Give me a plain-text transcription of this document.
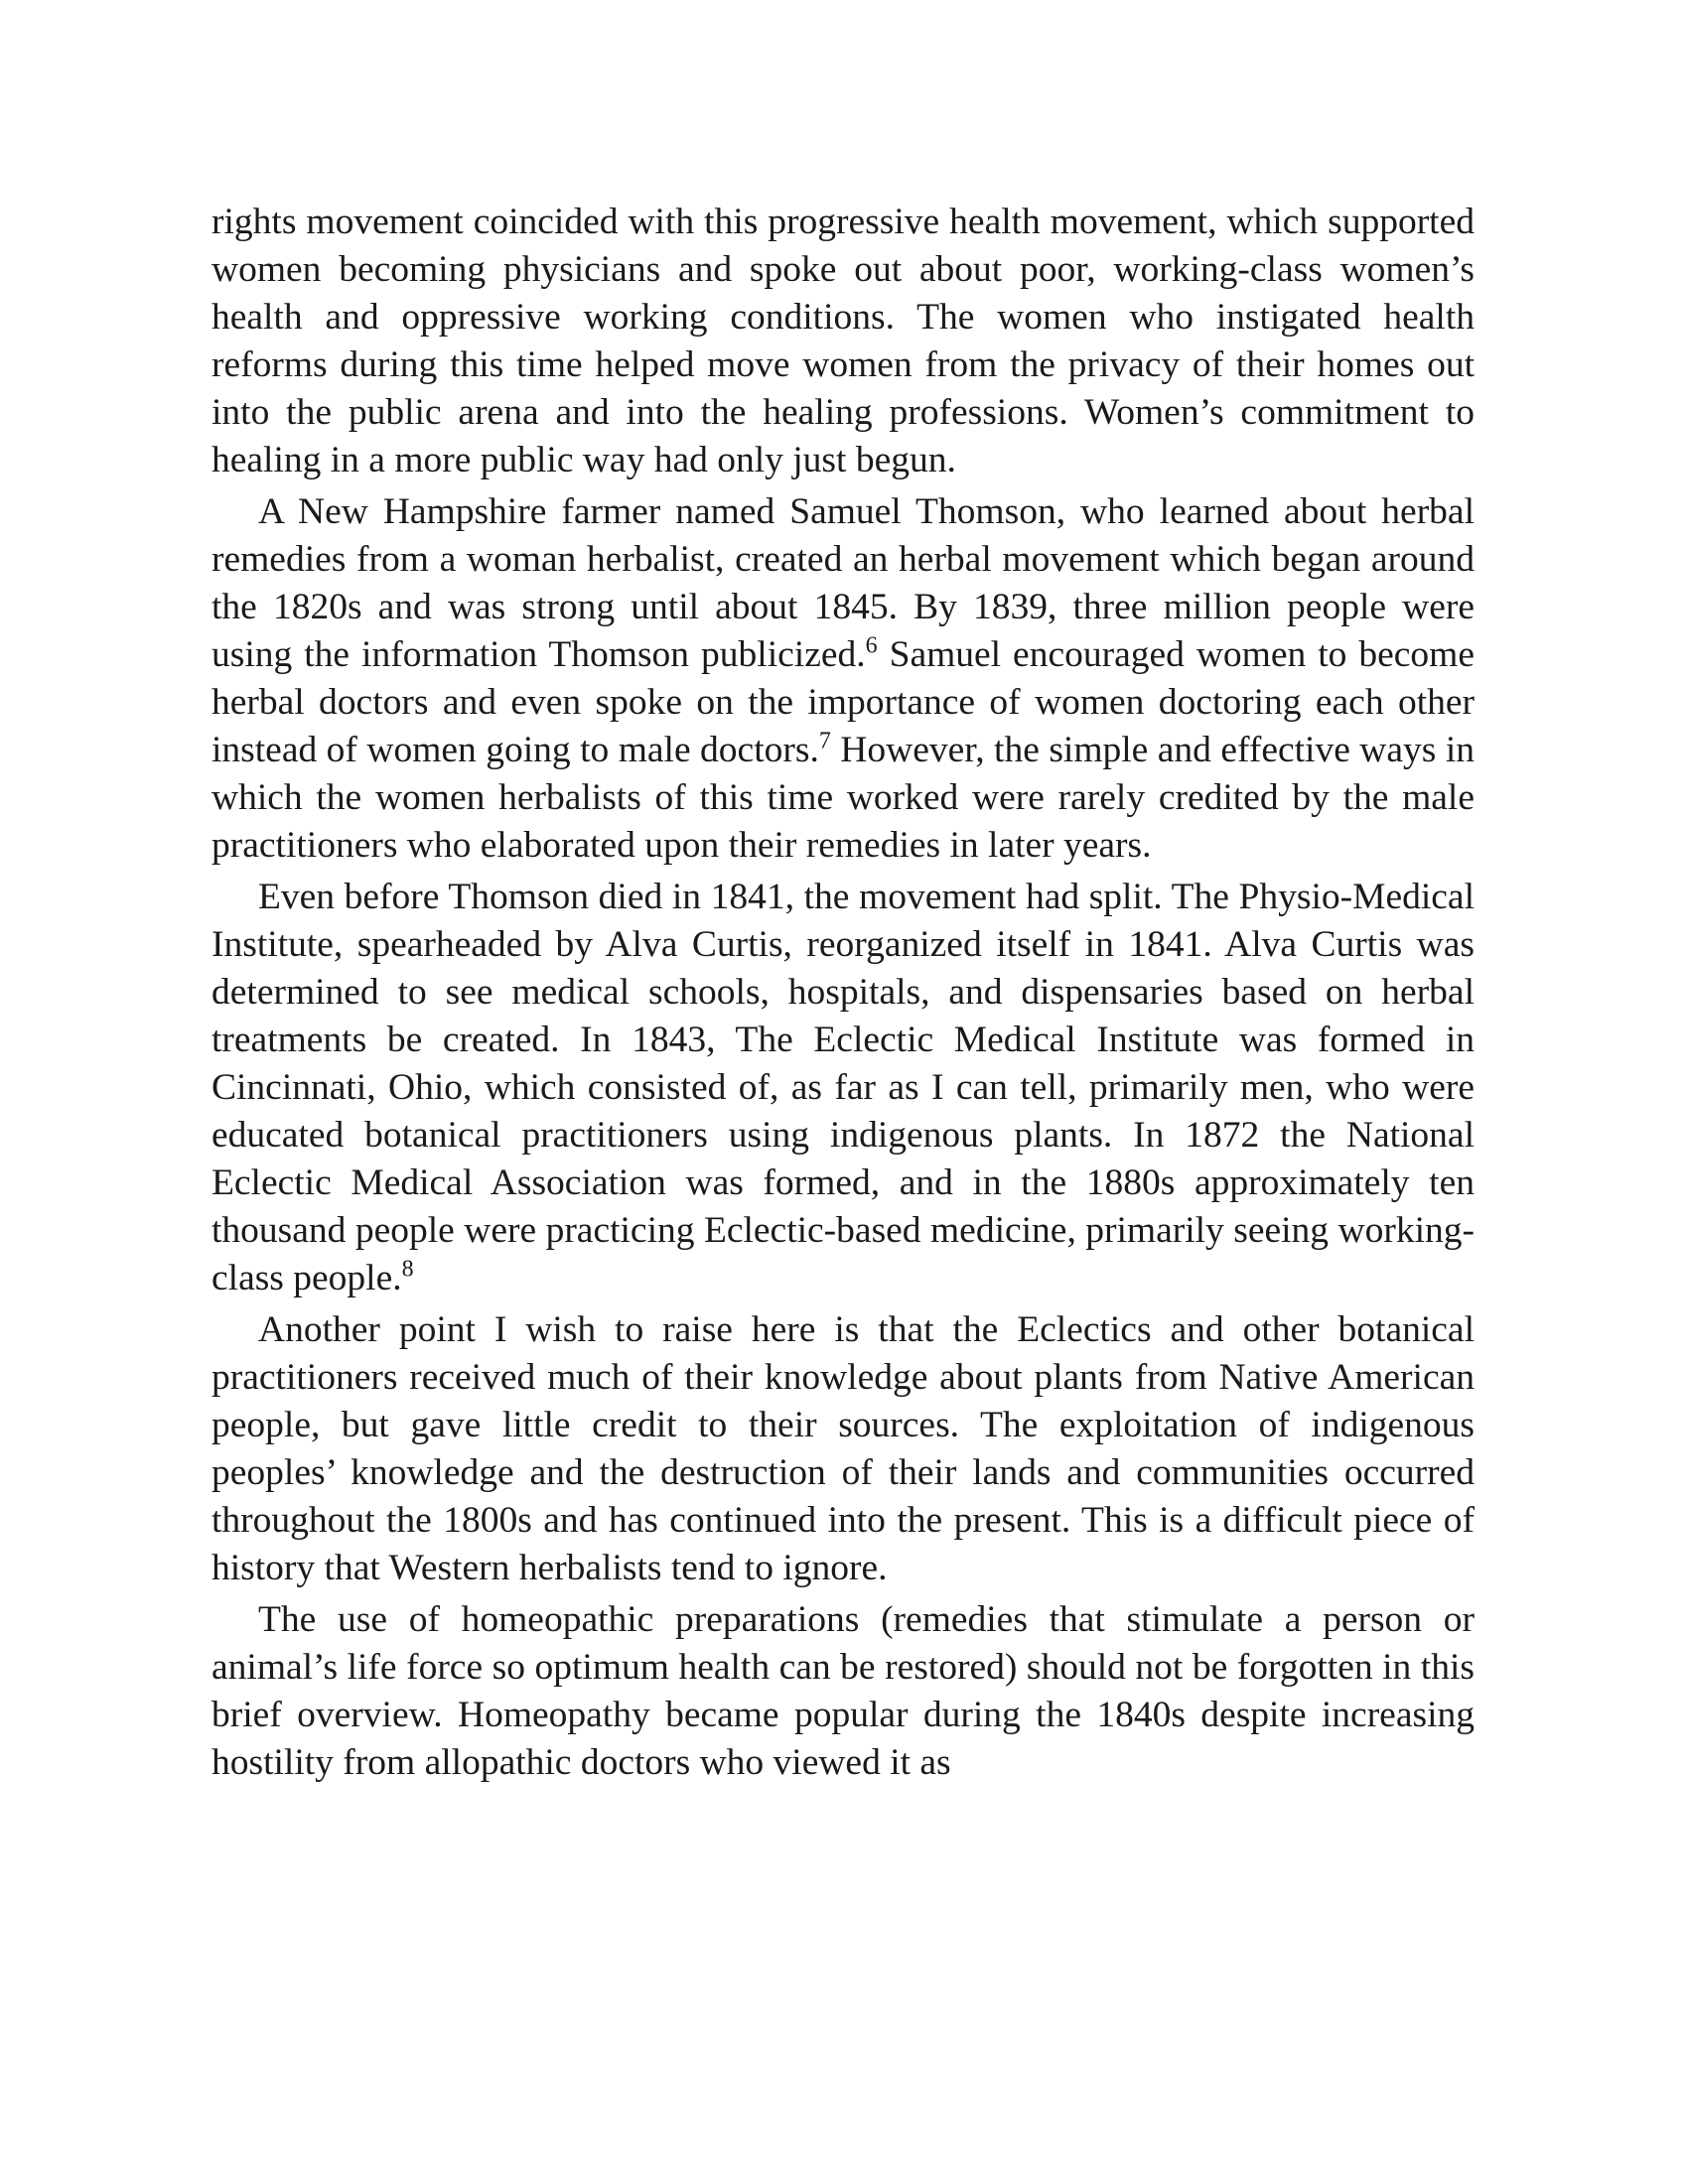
rights movement coincided with this progressive health movement, which supported women becoming physicians and spoke out about poor, working-class women’s health and oppressive working conditions. The women who instigated health reforms during this time helped move women from the privacy of their homes out into the public arena and into the healing professions. Women’s commitment to healing in a more public way had only just begun.

A New Hampshire farmer named Samuel Thomson, who learned about herbal remedies from a woman herbalist, created an herbal movement which began around the 1820s and was strong until about 1845. By 1839, three million people were using the information Thomson publicized.$^6$ Samuel encouraged women to become herbal doctors and even spoke on the importance of women doctoring each other instead of women going to male doctors.$^7$ However, the simple and effective ways in which the women herbalists of this time worked were rarely credited by the male practitioners who elaborated upon their remedies in later years.

Even before Thomson died in 1841, the movement had split. The Physio-Medical Institute, spearheaded by Alva Curtis, reorganized itself in 1841. Alva Curtis was determined to see medical schools, hospitals, and dispensaries based on herbal treatments be created. In 1843, The Eclectic Medical Institute was formed in Cincinnati, Ohio, which consisted of, as far as I can tell, primarily men, who were educated botanical practitioners using indigenous plants. In 1872 the National Eclectic Medical Association was formed, and in the 1880s approximately ten thousand people were practicing Eclectic-based medicine, primarily seeing working-class people.$^8$

Another point I wish to raise here is that the Eclectics and other botanical practitioners received much of their knowledge about plants from Native American people, but gave little credit to their sources. The exploitation of indigenous peoples’ knowledge and the destruction of their lands and communities occurred throughout the 1800s and has continued into the present. This is a difficult piece of history that Western herbalists tend to ignore.

The use of homeopathic preparations (remedies that stimulate a person or animal’s life force so optimum health can be restored) should not be forgotten in this brief overview. Homeopathy became popular during the 1840s despite increasing hostility from allopathic doctors who viewed it as
